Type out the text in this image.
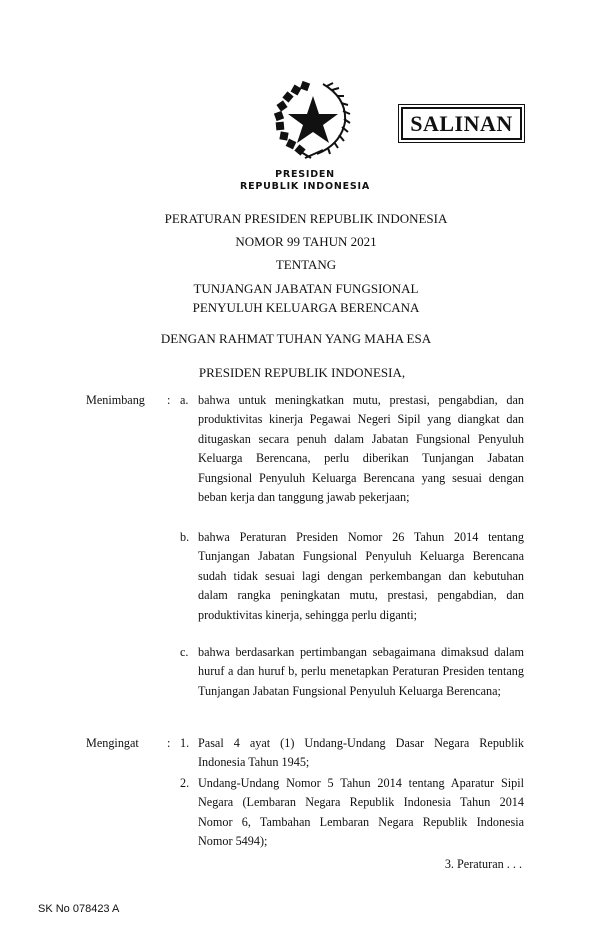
SALINAN
PRESIDEN
REPUBLIK INDONESIA
PERATURAN PRESIDEN REPUBLIK INDONESIA
NOMOR 99 TAHUN 2021
TENTANG
TUNJANGAN JABATAN FUNGSIONAL
PENYULUH KELUARGA BERENCANA
DENGAN RAHMAT TUHAN YANG MAHA ESA
PRESIDEN REPUBLIK INDONESIA,
Menimbang : a. bahwa untuk meningkatkan mutu, prestasi, pengabdian, dan produktivitas kinerja Pegawai Negeri Sipil yang diangkat dan ditugaskan secara penuh dalam Jabatan Fungsional Penyuluh Keluarga Berencana, perlu diberikan Tunjangan Jabatan Fungsional Penyuluh Keluarga Berencana yang sesuai dengan beban kerja dan tanggung jawab pekerjaan;
b. bahwa Peraturan Presiden Nomor 26 Tahun 2014 tentang Tunjangan Jabatan Fungsional Penyuluh Keluarga Berencana sudah tidak sesuai lagi dengan perkembangan dan kebutuhan dalam rangka peningkatan mutu, prestasi, pengabdian, dan produktivitas kinerja, sehingga perlu diganti;
c. bahwa berdasarkan pertimbangan sebagaimana dimaksud dalam huruf a dan huruf b, perlu menetapkan Peraturan Presiden tentang Tunjangan Jabatan Fungsional Penyuluh Keluarga Berencana;
Mengingat : 1. Pasal 4 ayat (1) Undang-Undang Dasar Negara Republik Indonesia Tahun 1945;
2. Undang-Undang Nomor 5 Tahun 2014 tentang Aparatur Sipil Negara (Lembaran Negara Republik Indonesia Tahun 2014 Nomor 6, Tambahan Lembaran Negara Republik Indonesia Nomor 5494);
3. Peraturan . . .
SK No 078423 A
